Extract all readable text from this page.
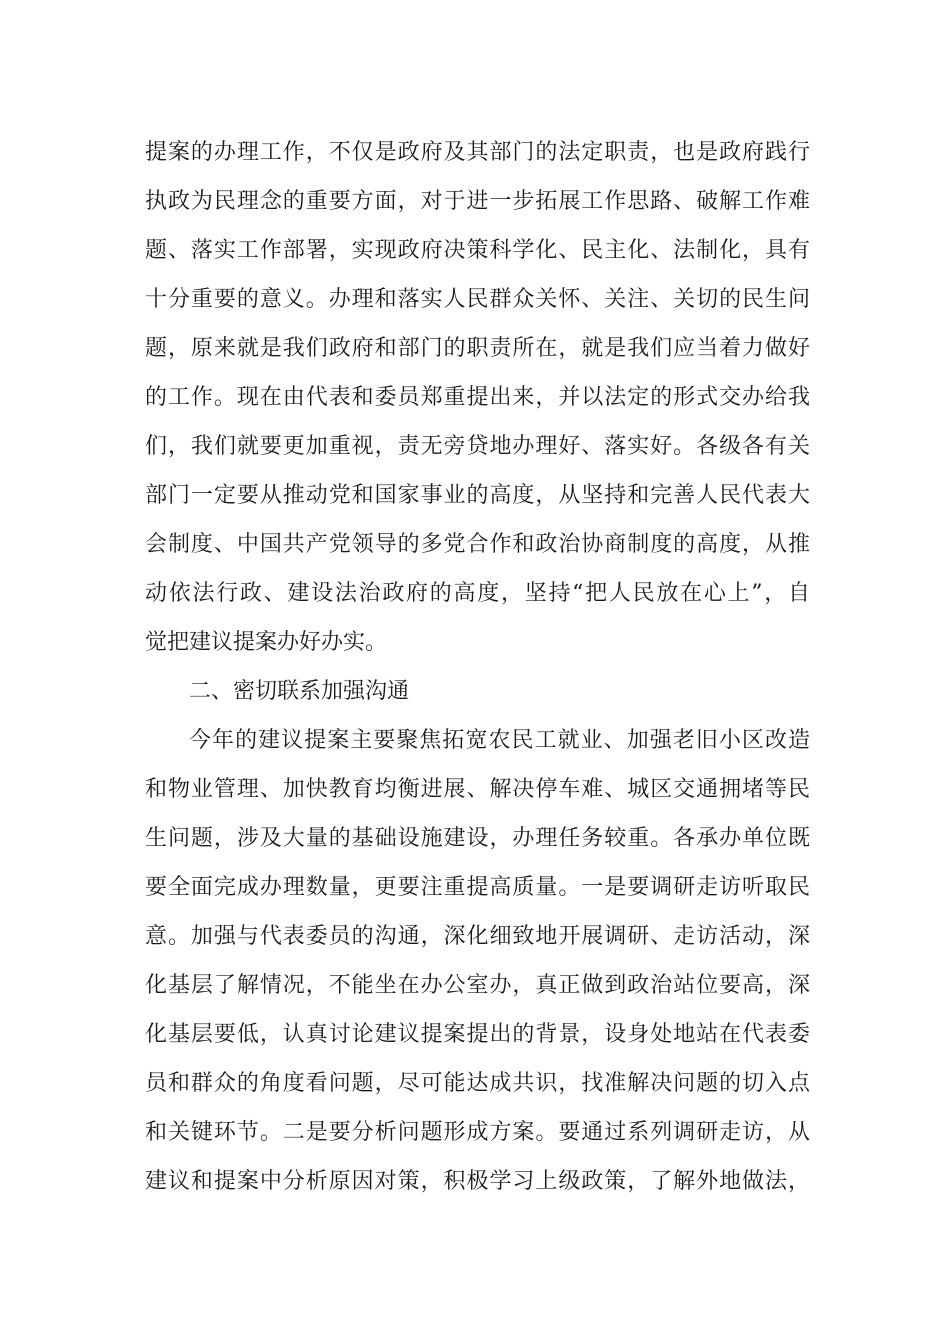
提案的办理工作，不仅是政府及其部门的法定职责，也是政府践行
执政为民理念的重要方面，对于进一步拓展工作思路、破解工作难
题、落实工作部署，实现政府决策科学化、民主化、法制化，具有
十分重要的意义。办理和落实人民群众关怀、关注、关切的民生问
题，原来就是我们政府和部门的职责所在，就是我们应当着力做好
的工作。现在由代表和委员郑重提出来，并以法定的形式交办给我
们，我们就要更加重视，责无旁贷地办理好、落实好。各级各有关
部门一定要从推动党和国家事业的高度，从坚持和完善人民代表大
会制度、中国共产党领导的多党合作和政治协商制度的高度，从推
动依法行政、建设法治政府的高度，坚持“把人民放在心上”，自
觉把建议提案办好办实。
二、密切联系加强沟通
今年的建议提案主要聚焦拓宽农民工就业、加强老旧小区改造
和物业管理、加快教育均衡进展、解决停车难、城区交通拥堵等民
生问题，涉及大量的基础设施建设，办理任务较重。各承办单位既
要全面完成办理数量，更要注重提高质量。一是要调研走访听取民
意。加强与代表委员的沟通，深化细致地开展调研、走访活动，深
化基层了解情况，不能坐在办公室办，真正做到政治站位要高，深
化基层要低，认真讨论建议提案提出的背景，设身处地站在代表委
员和群众的角度看问题，尽可能达成共识，找准解决问题的切入点
和关键环节。二是要分析问题形成方案。要通过系列调研走访，从
建议和提案中分析原因对策，积极学习上级政策，了解外地做法，
